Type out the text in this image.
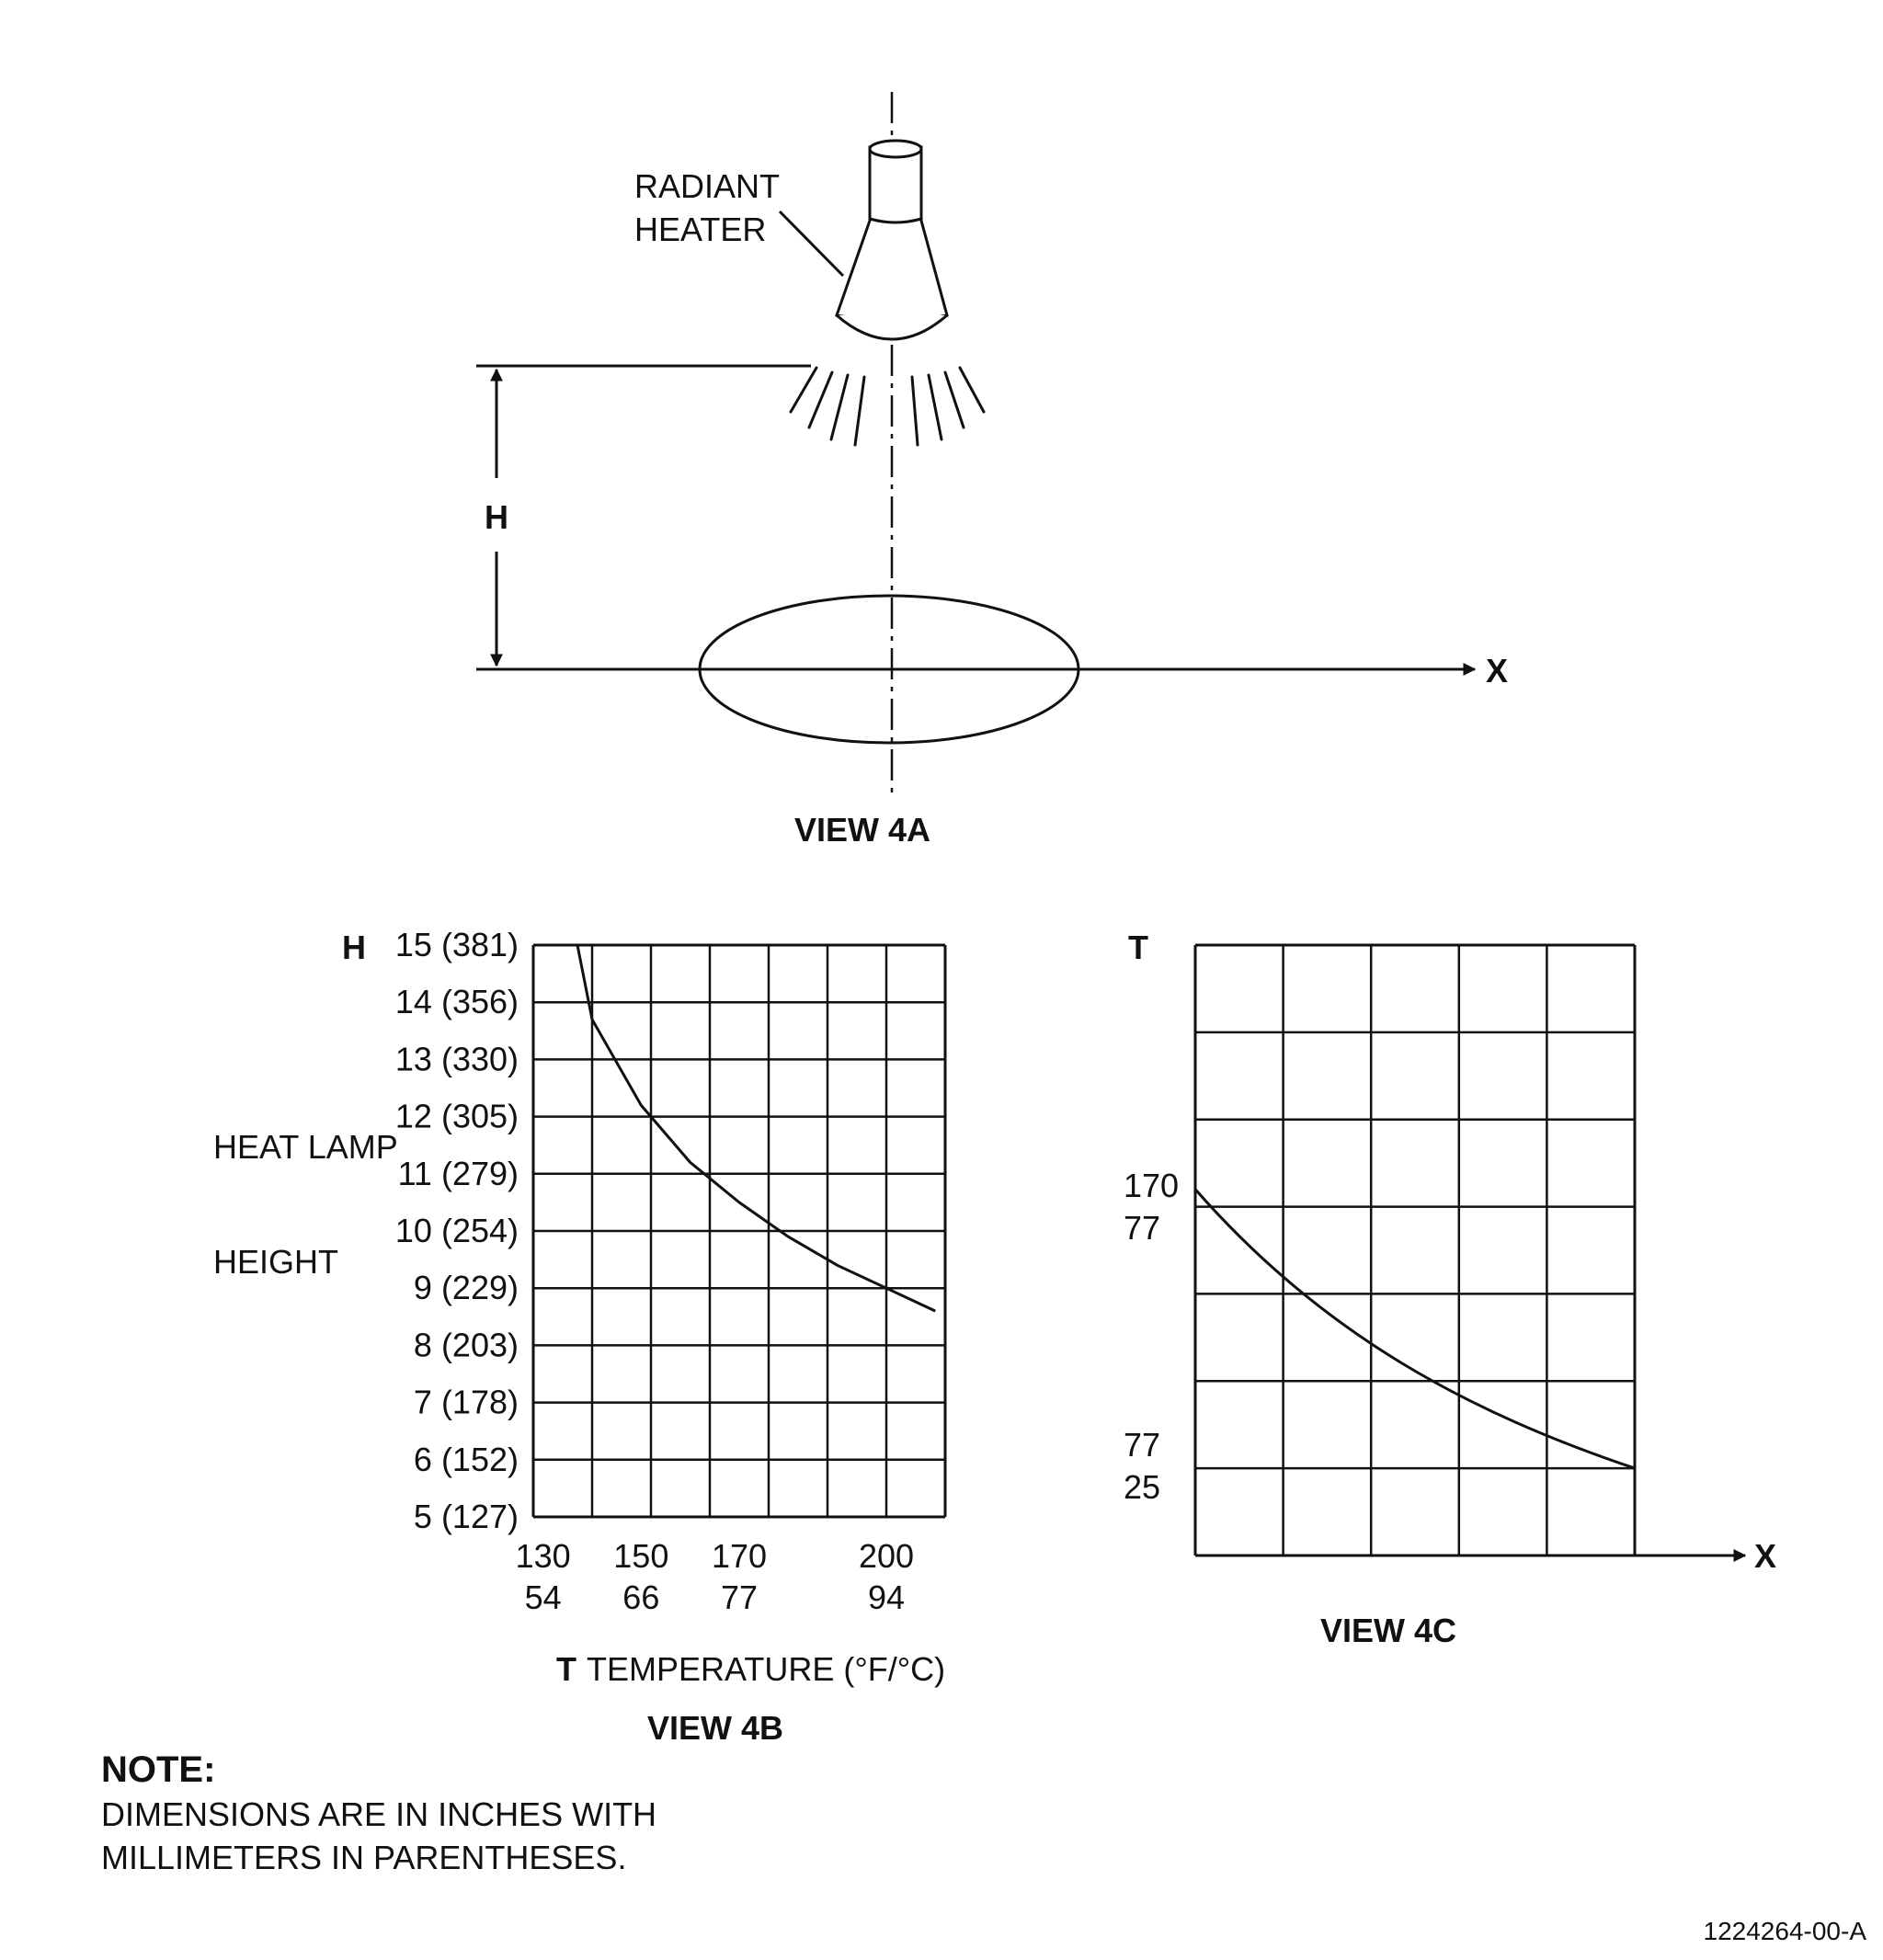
RADIANT
HEATER
H
X
VIEW 4A
15 (381)
14 (356)
13 (330)
12 (305)
11 (279)
10 (254)
9 (229)
8 (203)
7 (178)
6 (152)
5 (127)
130
54
150
66
170
77
200
94
H
HEAT LAMP
HEIGHT
T TEMPERATURE (°F/°C)
VIEW 4B
T
170
77
77
25
X
VIEW 4C
NOTE:
DIMENSIONS ARE IN INCHES WITH
MILLIMETERS IN PARENTHESES.
1224264-00-A
